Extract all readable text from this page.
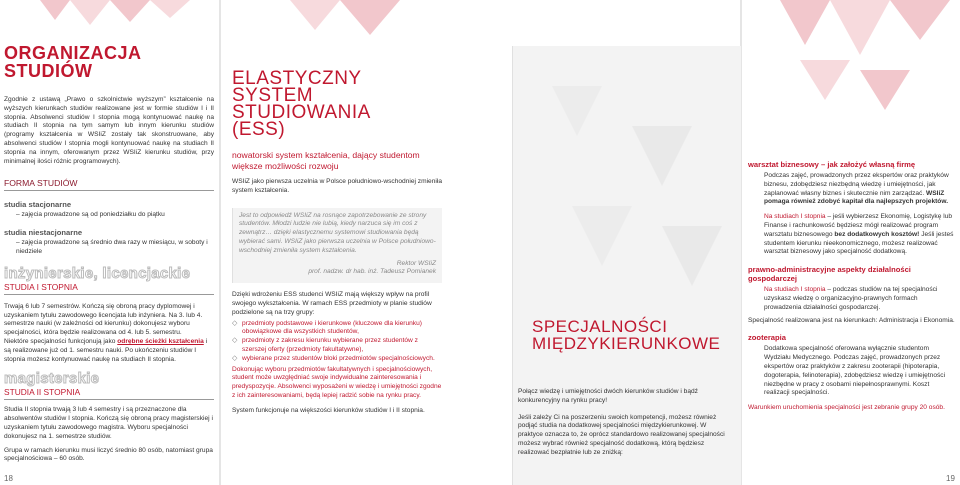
ORGANIZACJA STUDIÓW

Zgodnie z ustawą „Prawo o szkolnictwie wyższym” kształcenie na wyższych kierunkach studiów realizowane jest w formie studiów I i II stopnia. Absolwenci studiów I stopnia mogą kontynuować naukę na studiach II stopnia na tym samym lub innym kierunku studiów (programy kształcenia w WSIiZ zostały tak skonstruowane, aby absolwenci studiów I stopnia mogli kontynuować naukę na studiach II stopnia na innym, oferowanym przez WSIiZ kierunku studiów, przy minimalnej ilości różnic programowych).

FORMA STUDIÓW
studia stacjonarne

– zajęcia prowadzone są od poniedziałku do piątku

studia niestacjonarne

– zajęcia prowadzone są średnio dwa razy w miesiącu, w soboty i niedziele

inżynierskie, licencjackie
STUDIA I STOPNIA

Trwają 6 lub 7 semestrów. Kończą się obroną pracy dyplomowej i uzyskaniem tytułu zawodowego licencjata lub inżyniera. Na 3. lub 4. semestrze nauki (w zależności od kierunku) dokonujesz wyboru specjalności, która będzie realizowana od 4. lub 5. semestru.

Niektóre specjalności funkcjonują jako odrębne ścieżki kształcenia i są realizowane już od 1. semestru nauki. Po ukończeniu studiów I stopnia możesz kontynuować naukę na studiach II stopnia.

magisterskie
STUDIA II STOPNIA

Studia II stopnia trwają 3 lub 4 semestry i są przeznaczone dla absolwentów studiów I stopnia. Kończą się obroną pracy magisterskiej i uzyskaniem tytułu zawodowego magistra. Wyboru specjalności dokonujesz na 1. semestrze studiów.

Grupa w ramach kierunku musi liczyć średnio 80 osób, natomiast grupa specjalnościowa – 60 osób.

18
ELASTYCZNY SYSTEM STUDIOWANIA (ESS)
nowatorski system kształcenia, dający studentom większe możliwości rozwoju

WSIiZ jako pierwsza uczelnia w Polsce południowo-wschodniej zmieniła system kształcenia.

Jest to odpowiedź WSIiZ na rosnące zapotrzebowanie ze strony studentów. Młodzi ludzie nie lubią, kiedy narzuca się im coś z zewnątrz… dzięki elastycznemu systemowi studiowania będą wybierać sami. WSIiZ jako pierwsza uczelnia w Polsce południowo-wschodniej zmieniła system kształcenia.

Rektor WSIiZ

prof. nadzw. dr hab. inż. Tadeusz Pomianek

Dzięki wdrożeniu ESS studenci WSIiZ mają większy wpływ na profil swojego wykształcenia. W ramach ESS przedmioty w planie studiów podzielone są na trzy grupy:

◇ przedmioty podstawowe i kierunkowe (kluczowe dla kierunku) obowiązkowe dla wszystkich studentów,

◇ przedmioty z zakresu kierunku wybierane przez studentów z szerszej oferty (przedmioty fakultatywne),

◇ wybierane przez studentów bloki przedmiotów specjalnościowych.

Dokonując wyboru przedmiotów fakultatywnych i specjalnościowych, student może uwzględniać swoje indywidualne zainteresowania i predyspozycje. Absolwenci wyposażeni w wiedzę i umiejętności zgodne z ich zainteresowaniami, będą lepiej radzić sobie na rynku pracy.

System funkcjonuje na większości kierunków studiów I i II stopnia.

SPECJALNOŚCI MIĘDZYKIERUNKOWE

Połącz wiedzę i umiejętności dwóch kierunków studiów i bądź konkurencyjny na rynku pracy!

Jeśli zależy Ci na poszerzeniu swoich kompetencji, możesz również podjąć studia na dodatkowej specjalności międzykierunkowej. W praktyce oznacza to, że oprócz standardowo realizowanej specjalności możesz wybrać również specjalność dodatkową, którą będziesz realizować bezpłatnie lub ze zniżką:

warsztat biznesowy – jak założyć własną firmę

Podczas zajęć, prowadzonych przez ekspertów oraz praktyków biznesu, zdobędziesz niezbędną wiedzę i umiejętności, jak zaplanować własny biznes i skutecznie nim zarządzać. WSIiZ pomaga również zdobyć kapitał dla najlepszych projektów.

Na studiach I stopnia – jeśli wybierzesz Ekonomię, Logistykę lub Finanse i rachunkowość będziesz mógł realizować program warsztatu biznesowego bez dodatkowych kosztów! Jeśli jesteś studentem kierunku nieekonomicznego, możesz realizować warsztat biznesowy jako specjalność dodatkową.

prawno-administracyjne aspekty działalności gospodarczej

Na studiach I stopnia – podczas studiów na tej specjalności uzyskasz wiedzę o organizacyjno-prawnych formach prowadzenia działalności gospodarczej.

Specjalność realizowana jest na kierunkach: Administracja i Ekonomia.

zooterapia

Dodatkowa specjalność oferowana wyłącznie studentom Wydziału Medycznego. Podczas zajęć, prowadzonych przez ekspertów oraz praktyków z zakresu zooterapii (hipoterapia, dogoterapia, felinoterapia), zdobędziesz wiedzę i umiejętności niezbędne w pracy z osobami niepełnosprawnymi. Koszt realizacji specjalności.

Warunkiem uruchomienia specjalności jest zebranie grupy 20 osób.

19
